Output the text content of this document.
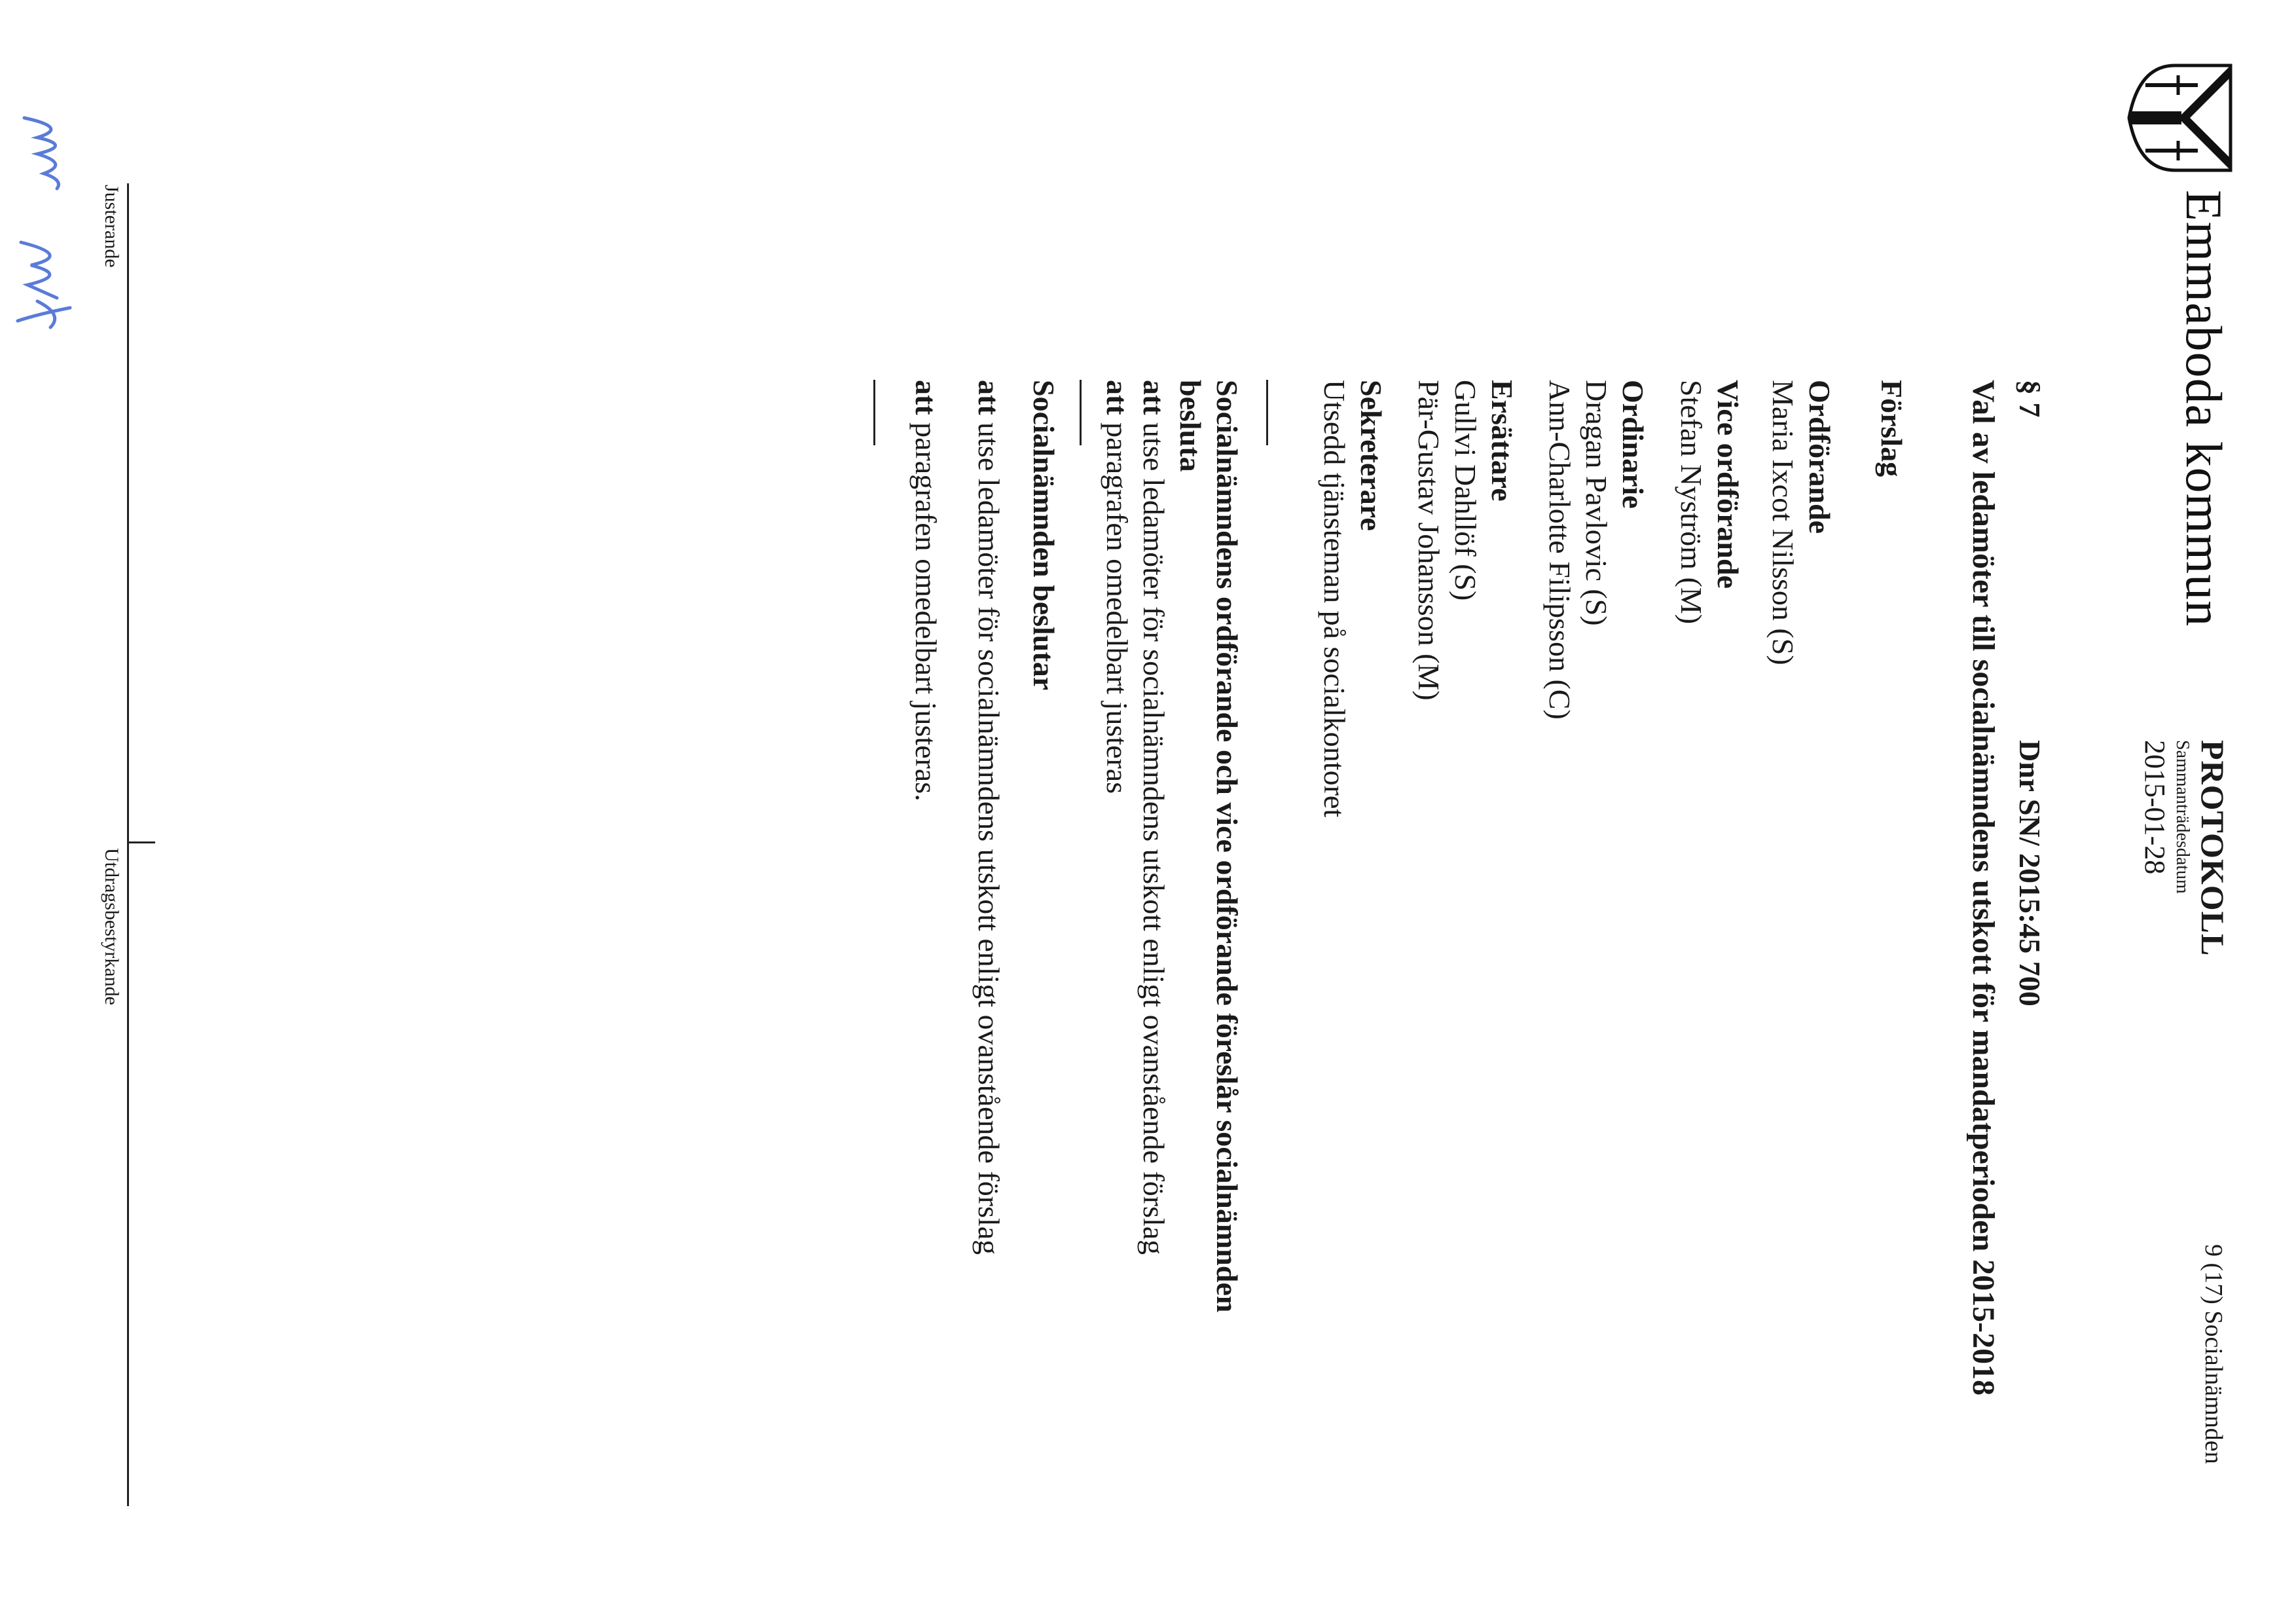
Emmaboda kommun
PROTOKOLL
Sammanträdesdatum
2015-01-28
9 (17) Socialnämnden
§ 7
Dnr SN/ 2015:45 700
Val av ledamöter till socialnämndens utskott för mandatperioden 2015-2018
Förslag
Ordförande
Maria Ixcot Nilsson (S)
Vice ordförande
Stefan Nyström (M)
Ordinarie
Dragan Pavlovic (S)
Ann-Charlotte Filipsson (C)
Ersättare
Gullvi Dahllöf (S)
Pär-Gustav Johansson (M)
Sekreterare
Utsedd tjänsteman på socialkontoret
Socialnämndens ordförande och vice ordförande föreslår socialnämnden
besluta
att utse ledamöter för socialnämndens utskott enligt ovanstående förslag
att paragrafen omedelbart justeras
Socialnämnden beslutar
att utse ledamöter för socialnämndens utskott enligt ovanstående förslag
att paragrafen omedelbart justeras.
Justerande
Utdragsbestyrkande
